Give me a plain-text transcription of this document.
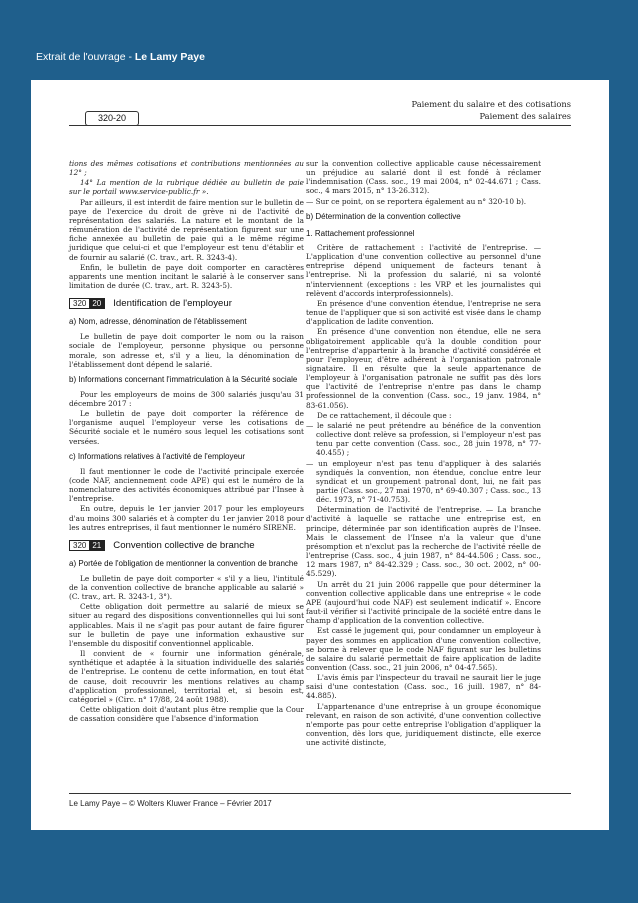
Extrait de l'ouvrage - Le Lamy Paye
Paiement du salaire et des cotisations
Paiement des salaires
320-20

tions des mêmes cotisations et contributions mentionnées au 12° ;

14° La mention de la rubrique dédiée au bulletin de paie sur le portail www.service-public.fr ».

Par ailleurs, il est interdit de faire mention sur le bulletin de paye de l'exercice du droit de grève ni de l'activité de représentation des salariés. La nature et le montant de la rémunération de l'activité de représentation figurent sur une fiche annexée au bulletin de paie qui a le même régime juridique que celui-ci et que l'employeur est tenu d'établir et de fournir au salarié (C. trav., art. R. 3243-4).

Enfin, le bulletin de paye doit comporter en caractères apparents une mention incitant le salarié à le conserver sans limitation de durée (C. trav., art. R. 3243-5).

320 20	Identification de l'employeur
a) Nom, adresse, dénomination de l'établissement

Le bulletin de paye doit comporter le nom ou la raison sociale de l'employeur, personne physique ou personne morale, son adresse et, s'il y a lieu, la dénomination de l'établissement dont dépend le salarié.

b) Informations concernant l'immatriculation à la Sécurité sociale

Pour les employeurs de moins de 300 salariés jusqu'au 31 décembre 2017 :

Le bulletin de paye doit comporter la référence de l'organisme auquel l'employeur verse les cotisations de Sécurité sociale et le numéro sous lequel les cotisations sont versées.

c) Informations relatives à l'activité de l'employeur

Il faut mentionner le code de l'activité principale exercée (code NAF, anciennement code APE) qui est le numéro de la nomenclature des activités économiques attribué par l'Insee à l'entreprise.

En outre, depuis le 1er janvier 2017 pour les employeurs d'au moins 300 salariés et à compter du 1er janvier 2018 pour les autres entreprises, il faut mentionner le numéro SIRENE.

320 21	Convention collective de branche
a) Portée de l'obligation de mentionner la convention de branche

Le bulletin de paye doit comporter « s'il y a lieu, l'intitulé de la convention collective de branche applicable au salarié » (C. trav., art. R. 3243-1, 3°).

Cette obligation doit permettre au salarié de mieux se situer au regard des dispositions conventionnelles qui lui sont applicables. Mais il ne s'agit pas pour autant de faire figurer sur le bulletin de paye une information exhaustive sur l'ensemble du dispositif conventionnel applicable.

Il convient de « fournir une information générale, synthétique et adaptée à la situation individuelle des salariés de l'entreprise. Le contenu de cette information, en tout état de cause, doit recouvrir les mentions relatives au champ d'application professionnel, territorial et, si besoin est, catégoriel » (Circ. n° 17/88, 24 août 1988).

Cette obligation doit d'autant plus être remplie que la Cour de cassation considère que l'absence d'information

sur la convention collective applicable cause nécessairement un préjudice au salarié dont il est fondé à réclamer l'indemnisation (Cass. soc., 19 mai 2004, n° 02-44.671 ; Cass. soc., 4 mars 2015, n° 13-26.312).

— Sur ce point, on se reportera également au n° 320-10 b).

b) Détermination de la convention collective
1. Rattachement professionnel

Critère de rattachement : l'activité de l'entreprise. — L'application d'une convention collective au personnel d'une entreprise dépend uniquement de facteurs tenant à l'entreprise. Ni la profession du salarié, ni sa volonté n'interviennent (exceptions : les VRP et les journalistes qui relèvent d'accords interprofessionnels).

En présence d'une convention étendue, l'entreprise ne sera tenue de l'appliquer que si son activité est visée dans le champ d'application de ladite convention.

En présence d'une convention non étendue, elle ne sera obligatoirement applicable qu'à la double condition pour l'entreprise d'appartenir à la branche d'activité considérée et pour l'employeur, d'être adhérent à l'organisation patronale signataire. Il en résulte que la seule appartenance de l'employeur à l'organisation patronale ne suffit pas dès lors que l'activité de l'entreprise n'entre pas dans le champ professionnel de la convention (Cass. soc., 19 janv. 1984, n° 83-61.056).

De ce rattachement, il découle que :

— le salarié ne peut prétendre au bénéfice de la convention collective dont relève sa profession, si l'employeur n'est pas tenu par cette convention (Cass. soc., 28 juin 1978, n° 77-40.455) ;

— un employeur n'est pas tenu d'appliquer à des salariés syndiqués la convention, non étendue, conclue entre leur syndicat et un groupement patronal dont, lui, ne fait pas partie (Cass. soc., 27 mai 1970, n° 69-40.307 ; Cass. soc., 13 déc. 1973, n° 71-40.753).

Détermination de l'activité de l'entreprise. — La branche d'activité à laquelle se rattache une entreprise est, en principe, déterminée par son identification auprès de l'Insee. Mais le classement de l'Insee n'a la valeur que d'une présomption et n'exclut pas la recherche de l'activité réelle de l'entreprise (Cass. soc., 4 juin 1987, n° 84-44.506 ; Cass. soc., 12 mars 1987, n° 84-42.329 ; Cass. soc., 30 oct. 2002, n° 00-45.529).

Un arrêt du 21 juin 2006 rappelle que pour déterminer la convention collective applicable dans une entreprise « le code APE (aujourd'hui code NAF) est seulement indicatif ». Encore faut-il vérifier si l'activité principale de la société entre dans le champ d'application de la convention collective.

Est cassé le jugement qui, pour condamner un employeur à payer des sommes en application d'une convention collective, se borne à relever que le code NAF figurant sur les bulletins de salaire du salarié permettait de faire application de ladite convention (Cass. soc., 21 juin 2006, n° 04-47.565).

L'avis émis par l'inspecteur du travail ne saurait lier le juge saisi d'une contestation (Cass. soc., 16 juill. 1987, n° 84-44.885).

L'appartenance d'une entreprise à un groupe économique relevant, en raison de son activité, d'une convention collective n'emporte pas pour cette entreprise l'obligation d'appliquer la convention, dès lors que, juridiquement distincte, elle exerce une activité distincte,

Le Lamy Paye – © Wolters Kluwer France – Février 2017
